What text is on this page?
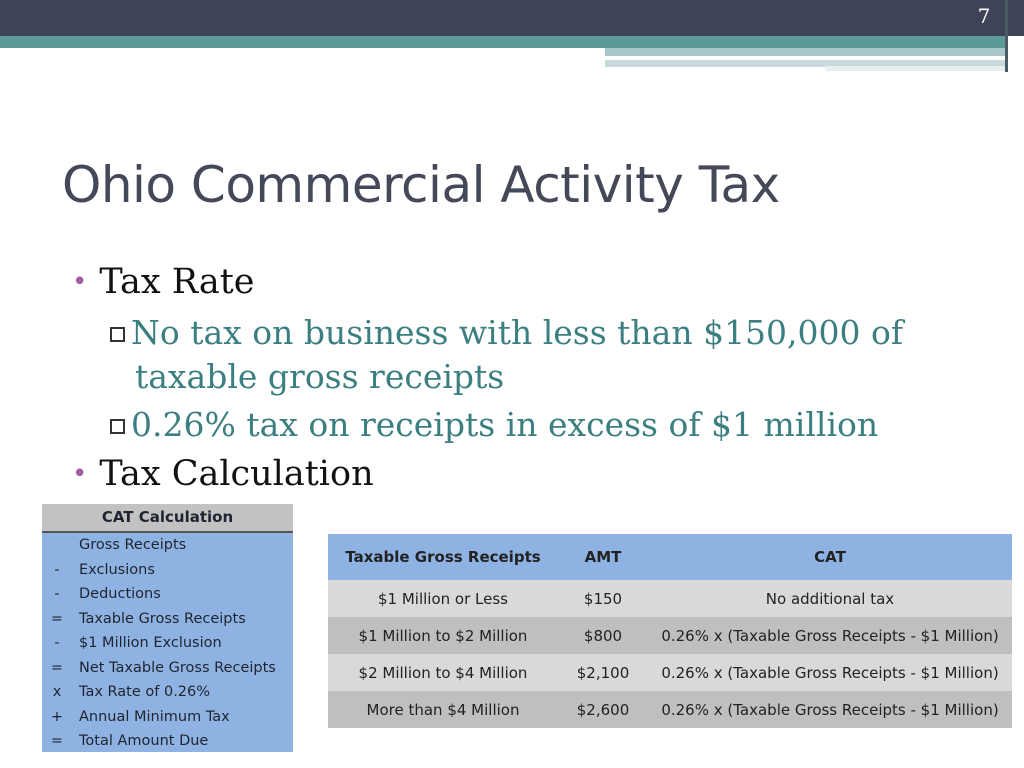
7
Ohio Commercial Activity Tax
• Tax Rate
No tax on business with less than $150,000 of
taxable gross receipts
0.26% tax on receipts in excess of $1 million
• Tax Calculation
CAT Calculation
Gross Receipts
-	Exclusions
-	Deductions
= Taxable Gross Receipts
-	$1 Million Exclusion
= Net Taxable Gross Receipts
x Tax Rate of 0.26%
+ Annual Minimum Tax
= Total Amount Due
Taxable Gross Receipts	AMT	CAT
$1 Million or Less	$150	No additional tax
$1 Million to $2 Million	$800	0.26% x (Taxable Gross Receipts - $1 Million)
$2 Million to $4 Million	$2,100	0.26% x (Taxable Gross Receipts - $1 Million)
More than $4 Million	$2,600	0.26% x (Taxable Gross Receipts - $1 Million)
